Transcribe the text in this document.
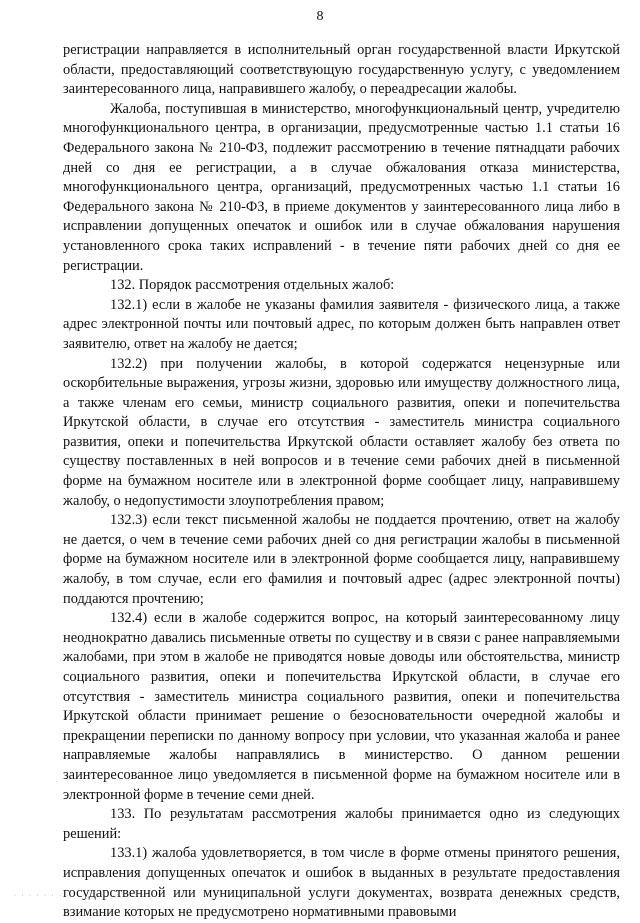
8

регистрации направляется в исполнительный орган государственной власти Иркутской области, предоставляющий соответствующую государственную услугу, с уведомлением заинтересованного лица, направившего жалобу, о переадресации жалобы.

Жалоба, поступившая в министерство, многофункциональный центр, учредителю многофункционального центра, в организации, предусмотренные частью 1.1 статьи 16 Федерального закона № 210-ФЗ, подлежит рассмотрению в течение пятнадцати рабочих дней со дня ее регистрации, а в случае обжалования отказа министерства, многофункционального центра, организаций, предусмотренных частью 1.1 статьи 16 Федерального закона № 210-ФЗ, в приеме документов у заинтересованного лица либо в исправлении допущенных опечаток и ошибок или в случае обжалования нарушения установленного срока таких исправлений - в течение пяти рабочих дней со дня ее регистрации.

132. Порядок рассмотрения отдельных жалоб:

132.1) если в жалобе не указаны фамилия заявителя - физического лица, а также адрес электронной почты или почтовый адрес, по которым должен быть направлен ответ заявителю, ответ на жалобу не дается;

132.2) при получении жалобы, в которой содержатся нецензурные или оскорбительные выражения, угрозы жизни, здоровью или имуществу должностного лица, а также членам его семьи, министр социального развития, опеки и попечительства Иркутской области, в случае его отсутствия - заместитель министра социального развития, опеки и попечительства Иркутской области оставляет жалобу без ответа по существу поставленных в ней вопросов и в течение семи рабочих дней в письменной форме на бумажном носителе или в электронной форме сообщает лицу, направившему жалобу, о недопустимости злоупотребления правом;

132.3) если текст письменной жалобы не поддается прочтению, ответ на жалобу не дается, о чем в течение семи рабочих дней со дня регистрации жалобы в письменной форме на бумажном носителе или в электронной форме сообщается лицу, направившему жалобу, в том случае, если его фамилия и почтовый адрес (адрес электронной почты) поддаются прочтению;

132.4) если в жалобе содержится вопрос, на который заинтересованному лицу неоднократно давались письменные ответы по существу и в связи с ранее направляемыми жалобами, при этом в жалобе не приводятся новые доводы или обстоятельства, министр социального развития, опеки и попечительства Иркутской области, в случае его отсутствия - заместитель министра социального развития, опеки и попечительства Иркутской области принимает решение о безосновательности очередной жалобы и прекращении переписки по данному вопросу при условии, что указанная жалоба и ранее направляемые жалобы направлялись в министерство. О данном решении заинтересованное лицо уведомляется в письменной форме на бумажном носителе или в электронной форме в течение семи дней.

133. По результатам рассмотрения жалобы принимается одно из следующих решений:

133.1) жалоба удовлетворяется, в том числе в форме отмены принятого решения, исправления допущенных опечаток и ошибок в выданных в результате предоставления государственной или муниципальной услуги документах, возврата денежных средств, взимание которых не предусмотрено нормативными правовыми

· · · · · · · ·
